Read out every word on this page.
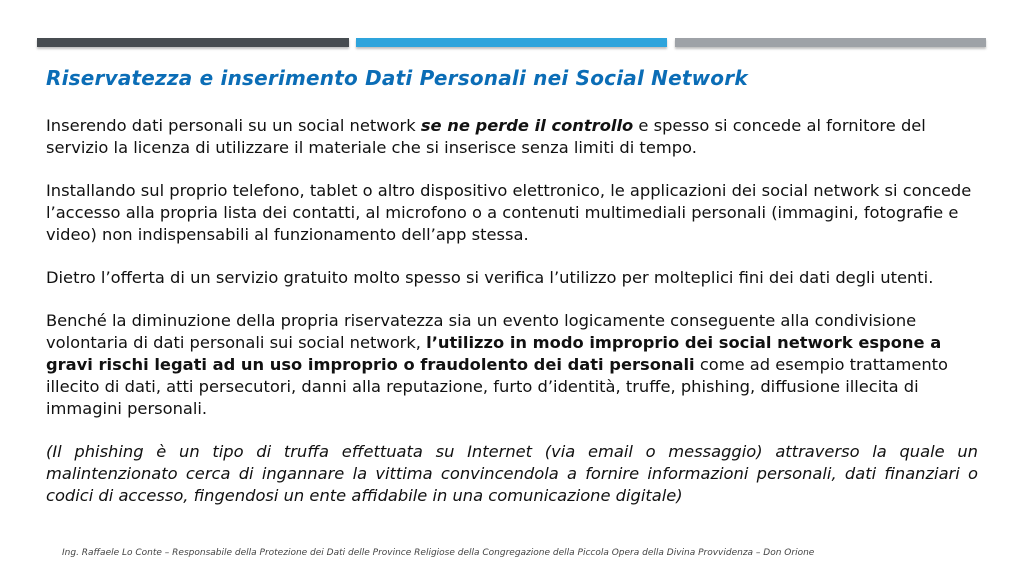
Riservatezza e inserimento Dati Personali nei Social Network

Inserendo dati personali su un social network se ne perde il controllo e spesso si concede al fornitore del servizio la licenza di utilizzare il materiale che si inserisce senza limiti di tempo.

Installando sul proprio telefono, tablet o altro dispositivo elettronico, le applicazioni dei social network si concede l’accesso alla propria lista dei contatti, al microfono o a contenuti multimediali personali (immagini, fotografie e video) non indispensabili al funzionamento dell’app stessa.

Dietro l’offerta di un servizio gratuito molto spesso si verifica l’utilizzo per molteplici fini dei dati degli utenti.

Benché la diminuzione della propria riservatezza sia un evento logicamente conseguente alla condivisione volontaria di dati personali sui social network, l’utilizzo in modo improprio dei social network espone a gravi rischi legati ad un uso improprio o fraudolento dei dati personali come ad esempio trattamento illecito di dati, atti persecutori, danni alla reputazione, furto d’identità, truffe, phishing, diffusione illecita di immagini personali.

(Il phishing è un tipo di truffa effettuata su Internet (via email o messaggio) attraverso la quale un malintenzionato cerca di ingannare la vittima convincendola a fornire informazioni personali, dati finanziari o codici di accesso, fingendosi un ente affidabile in una comunicazione digitale)

Ing. Raffaele Lo Conte – Responsabile della Protezione dei Dati delle Province Religiose della Congregazione della Piccola Opera della Divina Provvidenza – Don Orione
